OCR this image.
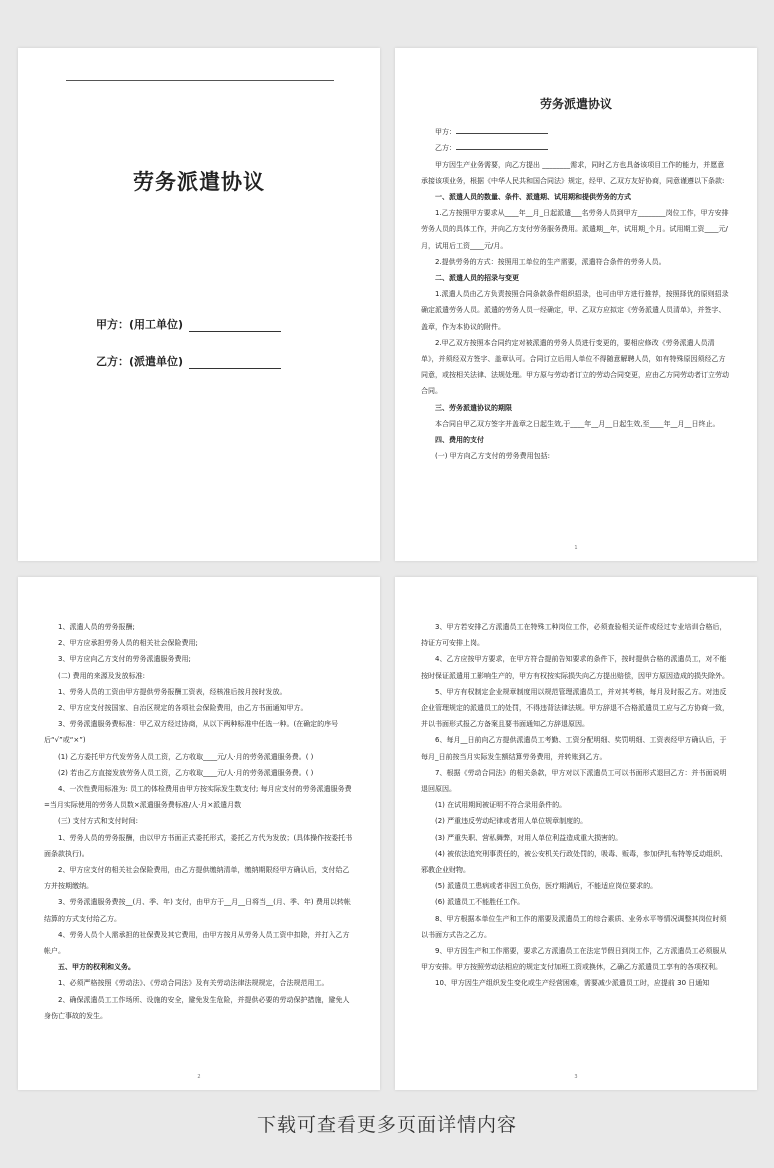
劳务派遣协议
甲方：(用工单位)
乙方：(派遣单位)
劳务派遣协议

甲方：

乙方：

甲方因生产业务需要，向乙方提出 ________需求，同时乙方也具备该项目工作的能力，并愿意承接该项业务，根据《中华人民共和国合同法》规定，经甲、乙双方友好协商，同意谨遵以下条款:

一、派遣人员的数量、条件、派遣期、试用期和提供劳务的方式

1.乙方按照甲方要求从____年__月_日起派遣___名劳务人员到甲方________岗位工作，甲方安排劳务人员的具体工作，并向乙方支付劳务服务费用。派遣期__年，试用期_个月。试用期工资____元/月，试用后工资____元/月。

2.提供劳务的方式：按照用工单位的生产需要，派遣符合条件的劳务人员。

二、派遣人员的招录与变更

1.派遣人员由乙方负责按照合同条款条件组织招录，也可由甲方进行推荐，按照择优的原则招录确定派遣劳务人员。派遣的劳务人员一经确定，甲、乙双方应拟定《劳务派遣人员清单》，并签字、盖章，作为本协议的附件。

2.甲乙双方按照本合同约定对被派遣的劳务人员进行变更的，要相应修改《劳务派遣人员清单》，并须经双方签字、盖章认可。合同订立后用人单位不得随意解聘人员，如有特殊原因须经乙方同意，或按相关法律、法规处理。甲方原与劳动者订立的劳动合同变更，应由乙方同劳动者订立劳动合同。

三、劳务派遣协议的期限

本合同自甲乙双方签字并盖章之日起生效,于____年__月__日起生效,至____年__月__日终止。

四、费用的支付

(一) 甲方向乙方支付的劳务费用包括:

1

1、派遣人员的劳务报酬;

2、甲方应承担劳务人员的相关社会保险费用;

3、甲方应向乙方支付的劳务派遣服务费用;

(二) 费用的来源及发放标准:

1、劳务人员的工资由甲方提供劳务报酬工资表，经核准后按月按时发放。

2、甲方应支付按国家、自治区规定的各项社会保险费用，由乙方书面通知甲方。

3、劳务派遣服务费标准：甲乙双方经过协商，从以下两种标准中任选一种。(在确定的序号后“√”或“×”)

(1) 乙方委托甲方代发劳务人员工资，乙方收取____元/人·月的劳务派遣服务费。( )

(2) 若由乙方直接发放劳务人员工资，乙方收取____元/人·月的劳务派遣服务费。( )

4、一次性费用标准为: 员工的体检费用由甲方按实际发生数支付; 每月应支付的劳务派遣服务费=当月实际使用的劳务人员数×派遣服务费标准/人·月×派遣月数

(三) 支付方式和支付时间:

1、劳务人员的劳务报酬，由以甲方书面正式委托形式，委托乙方代为发放；(具体操作按委托书面条款执行)。

2、甲方应支付的相关社会保险费用，由乙方提供缴纳清单，缴纳期限经甲方确认后，支付给乙方并按期缴纳。

3、劳务派遣服务费按__(月、季、年) 支付，由甲方于__月__日将当__(月、季、年) 费用以转帐结算的方式支付给乙方。

4、劳务人员个人需承担的社保费及其它费用，由甲方按月从劳务人员工资中扣除，并打入乙方帐户。

五、甲方的权利和义务。

1、必须严格按照《劳动法》、《劳动合同法》及有关劳动法律法规规定，合法规范用工。

2、确保派遣员工工作场所、设施的安全，避免发生危险，并提供必要的劳动保护措施，避免人身伤亡事故的发生。

2

3、甲方若安排乙方派遣员工在特殊工种岗位工作，必须查验相关证件或经过专业培训合格后，持证方可安排上岗。

4、乙方应按甲方要求，在甲方符合提前告知要求的条件下，按时提供合格的派遣员工，对不能按时保证派遣用工影响生产的，甲方有权按实际损失向乙方提出赔偿，因甲方原因造成的损失除外。

5、甲方有权制定企业规章制度用以规范管理派遣员工，并对其考核，每月及时报乙方。对违反企业管理规定的派遣员工的处罚，不得违背法律法规。甲方辞退不合格派遣员工应与乙方协商一致，并以书面形式报乙方备案且要书面通知乙方辞退原因。

6、每月__日前向乙方提供派遣员工考勤、工资分配明细、奖罚明细、工资表经甲方确认后，于每月_日前按当月实际发生额结算劳务费用，并转账到乙方。

7、根据《劳动合同法》的相关条款，甲方对以下派遣员工可以书面形式退回乙方：并书面说明退回原因。

(1) 在试用期间被证明不符合录用条件的。

(2) 严重违反劳动纪律或者用人单位规章制度的。

(3) 严重失职、营私舞弊，对用人单位利益造成重大损害的。

(4) 被依法追究刑事责任的，被公安机关行政处罚的，吸毒、贩毒，参加伊扎布特等反动组织、邪教企业财物。

(5) 派遣员工患病或者非因工负伤，医疗期满后，不能适应岗位要求的。

(6) 派遣员工不能胜任工作。

8、甲方根据本单位生产和工作的需要及派遣员工的综合素质、业务水平等情况调整其岗位时须以书面方式告之乙方。

9、甲方因生产和工作需要，要求乙方派遣员工在法定节假日到岗工作，乙方派遣员工必须服从甲方安排。甲方按照劳动法相应的规定支付加班工资或换休，乙确乙方派遣员工享有的各项权利。

10、甲方因生产组织发生变化或生产经营困难，需要减少派遣员工时，应提前 30 日通知

3
下载可查看更多页面详情内容
